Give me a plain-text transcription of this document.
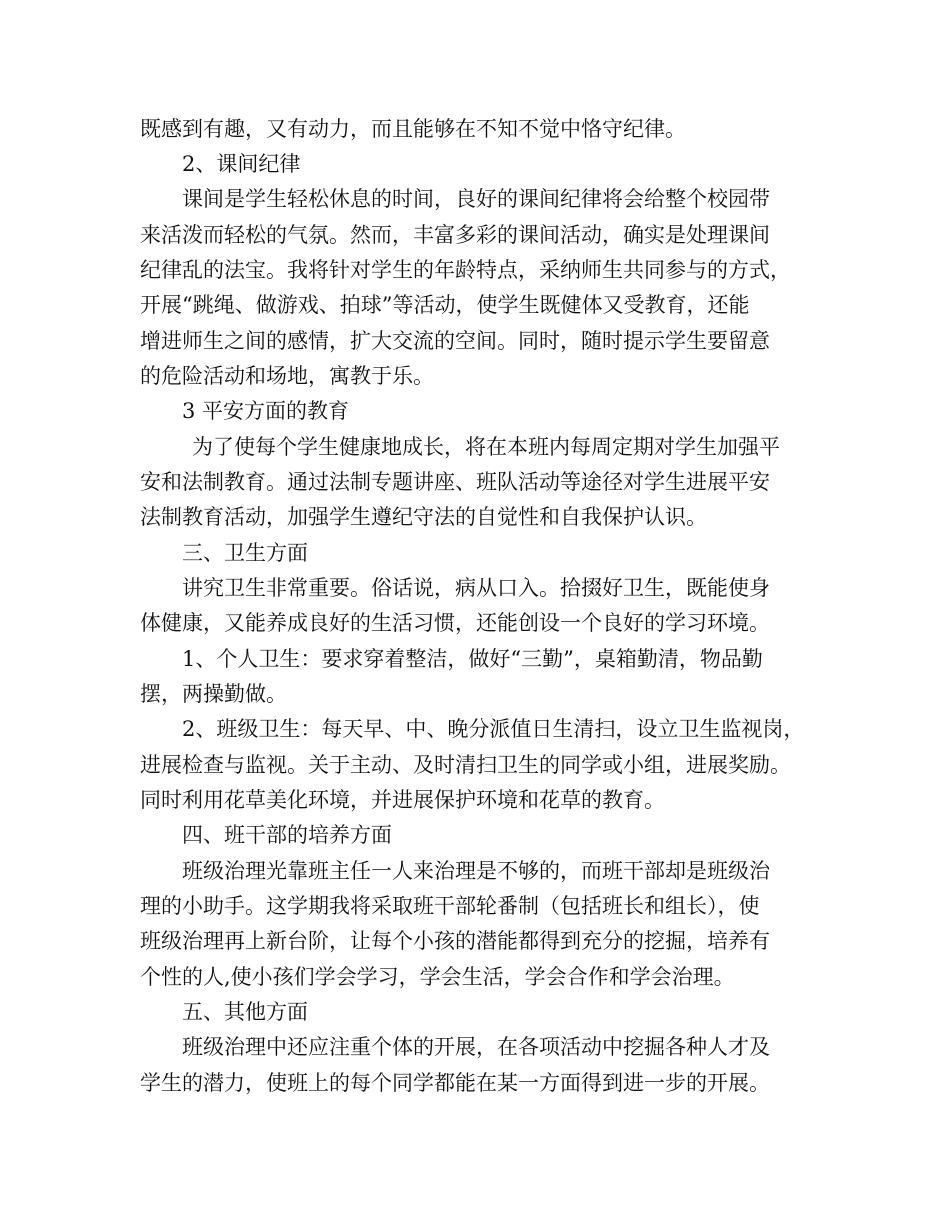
既感到有趣，又有动力，而且能够在不知不觉中恪守纪律。
2、课间纪律
课间是学生轻松休息的时间，良好的课间纪律将会给整个校园带
来活泼而轻松的气氛。然而，丰富多彩的课间活动，确实是处理课间
纪律乱的法宝。我将针对学生的年龄特点，采纳师生共同参与的方式，
开展“跳绳、做游戏、拍球”等活动，使学生既健体又受教育，还能
增进师生之间的感情，扩大交流的空间。同时，随时提示学生要留意
的危险活动和场地，寓教于乐。
3 平安方面的教育
为了使每个学生健康地成长，将在本班内每周定期对学生加强平
安和法制教育。通过法制专题讲座、班队活动等途径对学生进展平安
法制教育活动，加强学生遵纪守法的自觉性和自我保护认识。
三、卫生方面
讲究卫生非常重要。俗话说，病从口入。拾掇好卫生，既能使身
体健康，又能养成良好的生活习惯，还能创设一个良好的学习环境。
1、个人卫生：要求穿着整洁，做好“三勤”，桌箱勤清，物品勤
摆，两操勤做。
2、班级卫生：每天早、中、晚分派值日生清扫，设立卫生监视岗，
进展检查与监视。关于主动、及时清扫卫生的同学或小组，进展奖励。
同时利用花草美化环境，并进展保护环境和花草的教育。
四、班干部的培养方面
班级治理光靠班主任一人来治理是不够的，而班干部却是班级治
理的小助手。这学期我将采取班干部轮番制（包括班长和组长），使
班级治理再上新台阶，让每个小孩的潜能都得到充分的挖掘，培养有
个性的人,使小孩们学会学习，学会生活，学会合作和学会治理。
五、其他方面
班级治理中还应注重个体的开展，在各项活动中挖掘各种人才及
学生的潜力，使班上的每个同学都能在某一方面得到进一步的开展。
